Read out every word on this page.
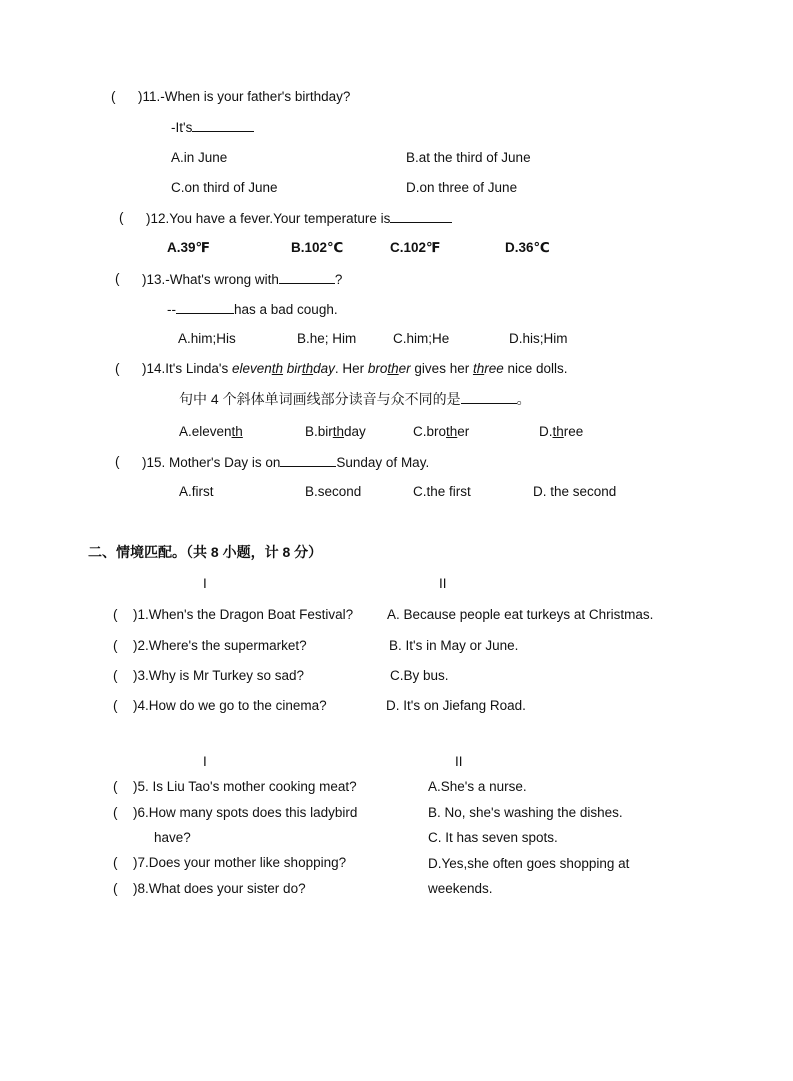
( )11.-When is your father's birthday?
-It's
A.in June	B.at the third of June
C.on third of June	D.on three of June
( )12.You have a fever.Your temperature is
A.39℉	B.102℃	C.102℉	D.36℃
( )13.-What's wrong with	?
--	has a bad cough.
A.him;His	B.he; Him	C.him;He	D.his;Him
( )14.It's Linda's eleventh birthday. Her brother gives her three nice dolls.
句中 4 个斜体单词画线部分读音与众不同的是	。
A.eleventh	B.birthday	C.brother	D.three
( )15. Mother's Day is on	Sunday of May.
A.first	B.second	C.the first	D. the second
二、情境匹配。（共 8 小题，计 8 分）
I	II
( )1.When's the Dragon Boat Festival?	A. Because people eat turkeys at Christmas.
( )2.Where's the supermarket?	B. It's in May or June.
( )3.Why is Mr Turkey so sad?	C.By bus.
( )4.How do we go to the cinema?	D. It's on Jiefang Road.
I	II
( )5. Is Liu Tao's mother cooking meat?	A.She's a nurse.
( )6.How many spots does this ladybird	B. No, she's washing the dishes.
have?	C. It has seven spots.
( )7.Does your mother like shopping?	D.Yes,she often goes shopping at
( )8.What does your sister do?	weekends.
